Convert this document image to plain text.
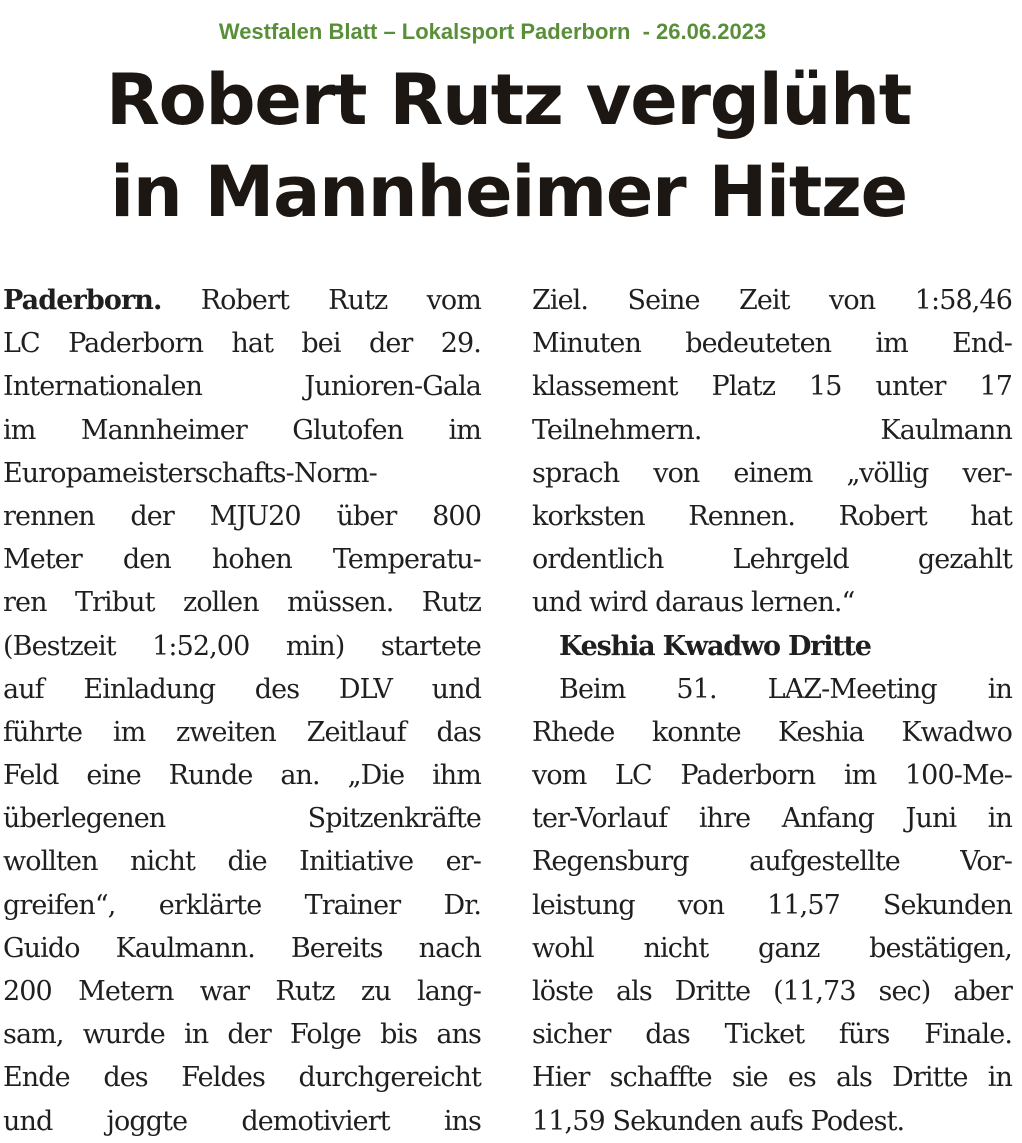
Westfalen Blatt – Lokalsport Paderborn  - 26.06.2023
Robert Rutz verglüht
in Mannheimer Hitze
Paderborn. Robert Rutz vom
LC Paderborn hat bei der 29.
Internationalen Junioren-Gala
im Mannheimer Glutofen im
Europameisterschafts-Norm-
rennen der MJU20 über 800
Meter den hohen Temperatu-
ren Tribut zollen müssen. Rutz
(Bestzeit 1:52,00 min) startete
auf Einladung des DLV und
führte im zweiten Zeitlauf das
Feld eine Runde an. „Die ihm
überlegenen Spitzenkräfte
wollten nicht die Initiative er-
greifen“, erklärte Trainer Dr.
Guido Kaulmann. Bereits nach
200 Metern war Rutz zu lang-
sam, wurde in der Folge bis ans
Ende des Feldes durchgereicht
und joggte demotiviert ins
Ziel. Seine Zeit von 1:58,46
Minuten bedeuteten im End-
klassement Platz 15 unter 17
Teilnehmern. Kaulmann
sprach von einem „völlig ver-
korksten Rennen. Robert hat
ordentlich Lehrgeld gezahlt
und wird daraus lernen.“
Keshia Kwadwo Dritte
Beim 51. LAZ-Meeting in
Rhede konnte Keshia Kwadwo
vom LC Paderborn im 100-Me-
ter-Vorlauf ihre Anfang Juni in
Regensburg aufgestellte Vor-
leistung von 11,57 Sekunden
wohl nicht ganz bestätigen,
löste als Dritte (11,73 sec) aber
sicher das Ticket fürs Finale.
Hier schaffte sie es als Dritte in
11,59 Sekunden aufs Podest.
